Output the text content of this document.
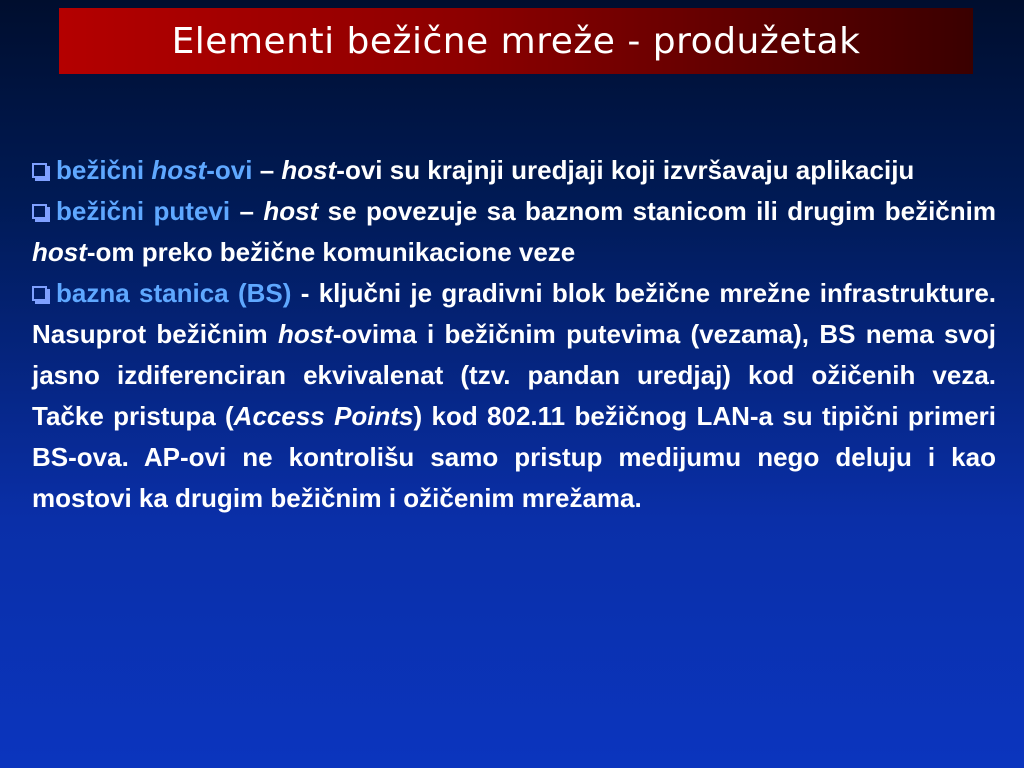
Elementi bežične mreže - produžetak

bežični host-ovi – host-ovi su krajnji uredjaji koji izvršavaju aplikaciju

bežični putevi – host se povezuje sa baznom stanicom ili drugim bežičnim host-om preko bežične komunikacione veze

bazna stanica (BS) - ključni je gradivni blok bežične mrežne infrastrukture. Nasuprot bežičnim host-ovima i bežičnim putevima (vezama), BS nema svoj jasno izdiferenciran ekvivalenat (tzv. pandan uredjaj) kod ožičenih veza. Tačke pristupa (Access Points) kod 802.11 bežičnog LAN-a su tipični primeri BS-ova. AP-ovi ne kontrolišu samo pristup medijumu nego deluju i kao mostovi ka drugim bežičnim i ožičenim mrežama.
